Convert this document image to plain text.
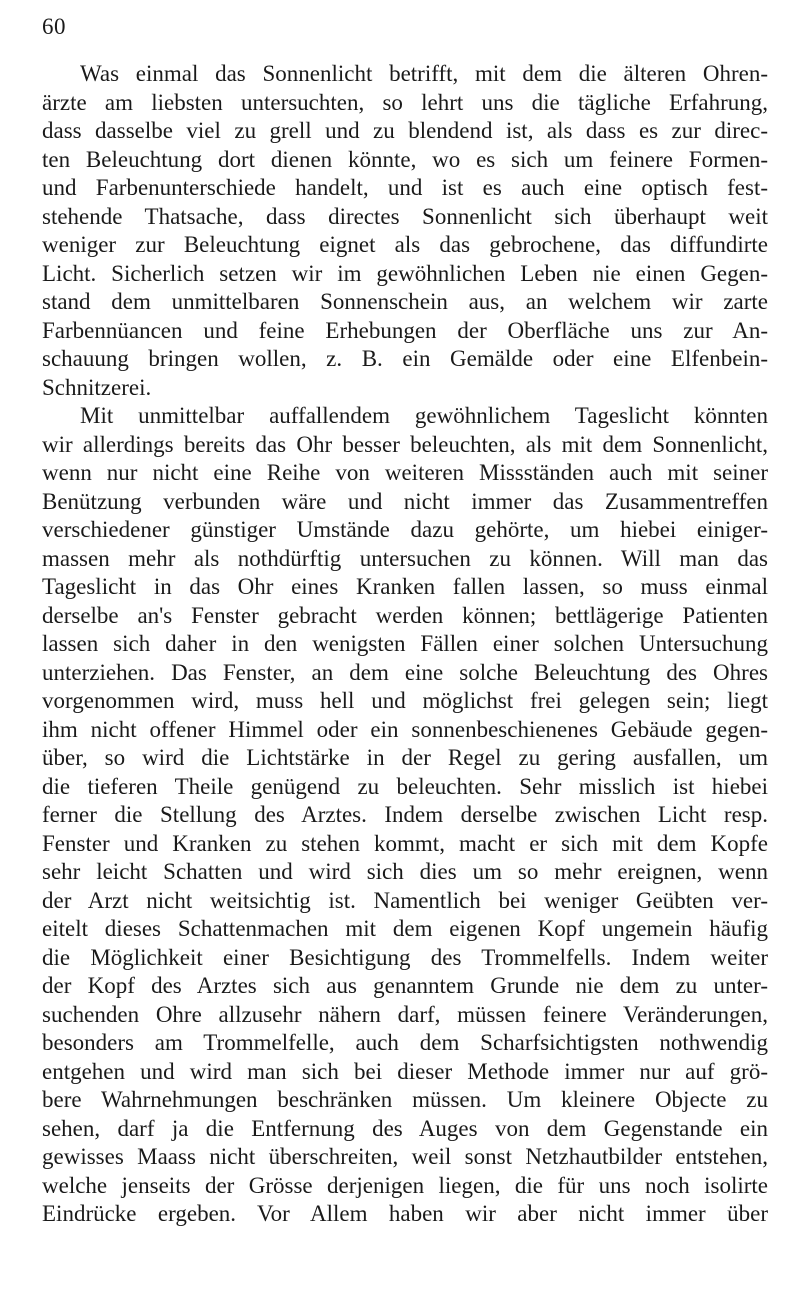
60
Was einmal das Sonnenlicht betrifft, mit dem die älteren Ohren-
ärzte am liebsten untersuchten, so lehrt uns die tägliche Erfahrung,
dass dasselbe viel zu grell und zu blendend ist, als dass es zur direc-
ten Beleuchtung dort dienen könnte, wo es sich um feinere Formen-
und Farbenunterschiede handelt, und ist es auch eine optisch fest-
stehende Thatsache, dass directes Sonnenlicht sich überhaupt weit
weniger zur Beleuchtung eignet als das gebrochene, das diffundirte
Licht. Sicherlich setzen wir im gewöhnlichen Leben nie einen Gegen-
stand dem unmittelbaren Sonnenschein aus, an welchem wir zarte
Farbennüancen und feine Erhebungen der Oberfläche uns zur An-
schauung bringen wollen, z. B. ein Gemälde oder eine Elfenbein-
Schnitzerei.
Mit unmittelbar auffallendem gewöhnlichem Tageslicht könnten
wir allerdings bereits das Ohr besser beleuchten, als mit dem Sonnenlicht,
wenn nur nicht eine Reihe von weiteren Missständen auch mit seiner
Benützung verbunden wäre und nicht immer das Zusammentreffen
verschiedener günstiger Umstände dazu gehörte, um hiebei einiger-
massen mehr als nothdürftig untersuchen zu können. Will man das
Tageslicht in das Ohr eines Kranken fallen lassen, so muss einmal
derselbe an's Fenster gebracht werden können; bettlägerige Patienten
lassen sich daher in den wenigsten Fällen einer solchen Untersuchung
unterziehen. Das Fenster, an dem eine solche Beleuchtung des Ohres
vorgenommen wird, muss hell und möglichst frei gelegen sein; liegt
ihm nicht offener Himmel oder ein sonnenbeschienenes Gebäude gegen-
über, so wird die Lichtstärke in der Regel zu gering ausfallen, um
die tieferen Theile genügend zu beleuchten. Sehr misslich ist hiebei
ferner die Stellung des Arztes. Indem derselbe zwischen Licht resp.
Fenster und Kranken zu stehen kommt, macht er sich mit dem Kopfe
sehr leicht Schatten und wird sich dies um so mehr ereignen, wenn
der Arzt nicht weitsichtig ist. Namentlich bei weniger Geübten ver-
eitelt dieses Schattenmachen mit dem eigenen Kopf ungemein häufig
die Möglichkeit einer Besichtigung des Trommelfells. Indem weiter
der Kopf des Arztes sich aus genanntem Grunde nie dem zu unter-
suchenden Ohre allzusehr nähern darf, müssen feinere Veränderungen,
besonders am Trommelfelle, auch dem Scharfsichtigsten nothwendig
entgehen und wird man sich bei dieser Methode immer nur auf grö-
bere Wahrnehmungen beschränken müssen. Um kleinere Objecte zu
sehen, darf ja die Entfernung des Auges von dem Gegenstande ein
gewisses Maass nicht überschreiten, weil sonst Netzhautbilder entstehen,
welche jenseits der Grösse derjenigen liegen, die für uns noch isolirte
Eindrücke ergeben. Vor Allem haben wir aber nicht immer über
